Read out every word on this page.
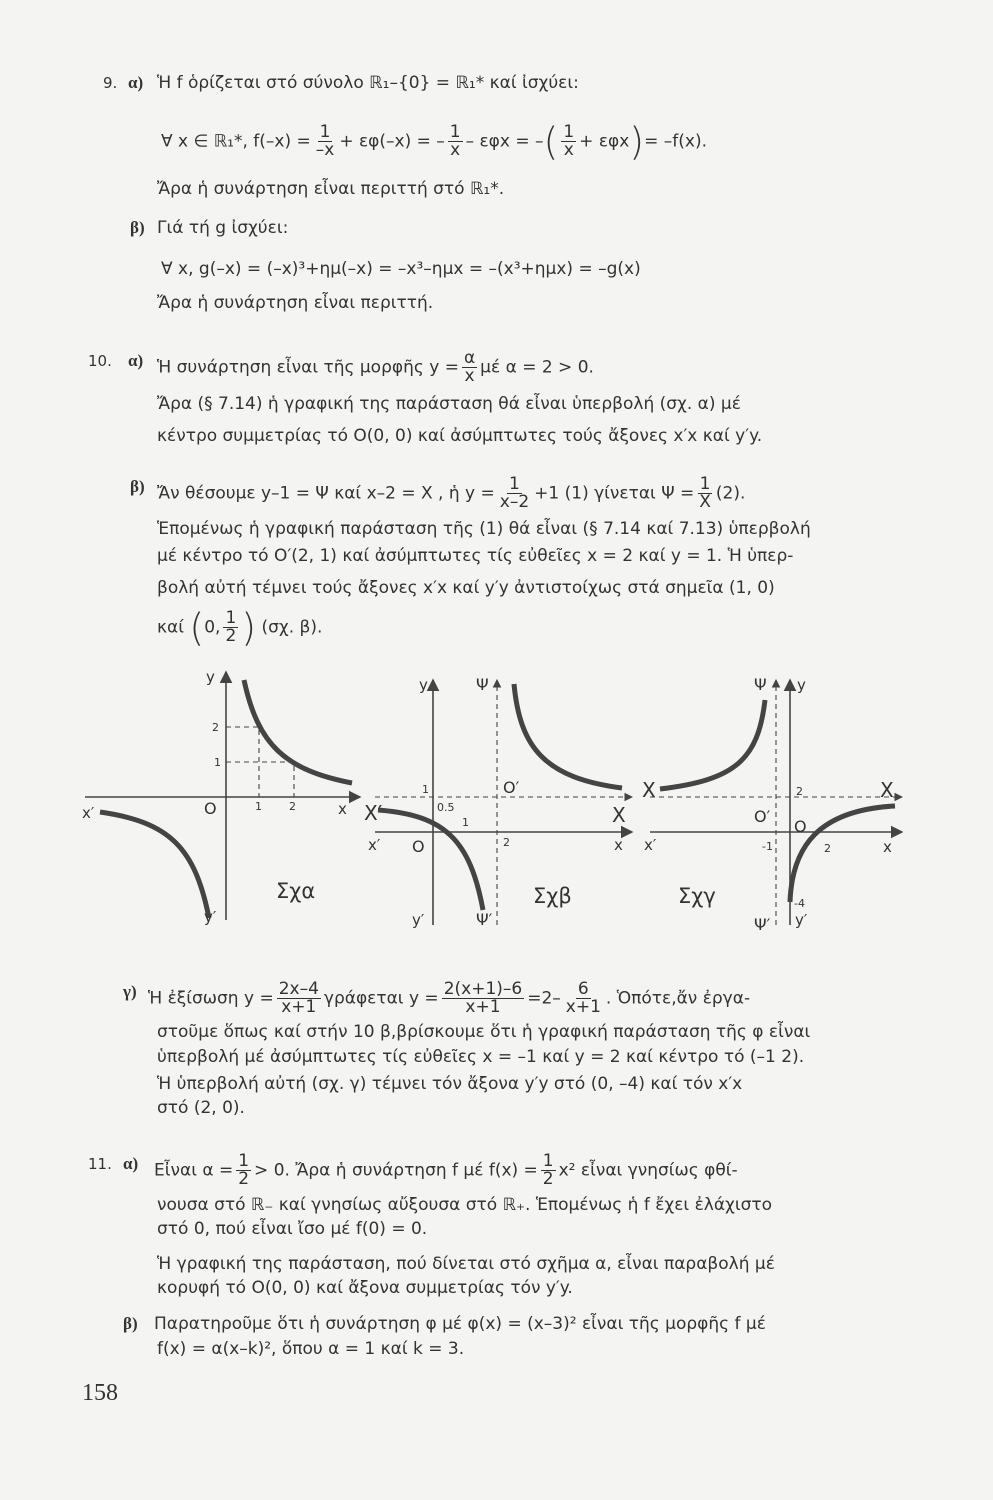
9. α) Ἡ f ὁρίζεται στό σύνολο ℝ₁–{0} = ℝ₁* καί ἰσχύει:
∀ x ∈ ℝ₁*, $f(-x) = \frac{1}{-x} + \varepsilon\varphi(-x)$ = – $\frac{1}{x}$ – εφx = –( $\frac{1}{x} + \varepsilon\varphi x)= -f(x)$.
Ἄρα ἡ συνάρτηση εἶναι περιττή στό ℝ₁*.
β) Γιά τή g ἰσχύει:
∀ x, g(–x) = (–x)³+ημ(–x) = –x³–ημx = –(x³+ημx) = –g(x)
Ἄρα ἡ συνάρτηση εἶναι περιττή.
10. α) Ἡ συνάρτηση εἶναι τῆς μορφῆς $y = \frac{\alpha}{x}$ μέ α = 2 > 0.
Ἄρα (§ 7.14) ἡ γραφική της παράσταση θά εἶναι ὑπερβολή (σχ. α) μέ
κέντρο συμμετρίας τό O(0, 0) καί ἀσύμπτωτες τούς ἄξονες x′x καί y′y.
β) Ἄν θέσουμε y–1 = Ψ καί x–2 = X , ἡ $y = \frac{1}{x-2} +1$ (1) γίνεται $\Psi = \frac{1}{X} (2)$.
Ἑπομένως ἡ γραφική παράσταση τῆς (1) θά εἶναι (§ 7.14 καί 7.13) ὑπερβολή
μέ κέντρο τό O′(2, 1) καί ἀσύμπτωτες τίς εὐθεῖες x = 2 καί y = 1. Ἡ ὑπερ-
βολή αὐτή τέμνει τούς ἄξονες x′x καί y′y ἀντιστοίχως στά σημεῖα (1, 0)
καί (0, $\frac{1}{2}$ ) (σχ. β).
y
y′
x
x′	O	1 2
1
2
Σχα
y	Ψ
y′	Ψ′
X
X′
x
x′ O
O′
1
0.5
1
2
Σχβ
Ψ y
Ψ′ y′
X
X
x
x′
O
O′
2
-1	2
-4
Σχγ
γ) Ἡ ἐξίσωση $y = \frac{2x-4}{x+1}$ γράφεται $y = \frac{2(x+1)-6}{x+1} =2- \frac{6}{x+1}$ . Ὁπότε,ἄν ἐργα-
στοῦμε ὅπως καί στήν 10 β,βρίσκουμε ὅτι ἡ γραφική παράσταση τῆς φ εἶναι
ὑπερβολή μέ ἀσύμπτωτες τίς εὐθεῖες x = –1 καί y = 2 καί κέντρο τό (–1 2).
Ἡ ὑπερβολή αὐτή (σχ. γ) τέμνει τόν ἄξονα y′y στό (0, –4) καί τόν x′x
στό (2, 0).
11. α) Εἶναι $\alpha = \frac{1}{2} > 0$. Ἄρα ἡ συνάρτηση f μέ $f(x) = \frac{1}{2} x^2$ εἶναι γνησίως φθί-
νουσα στό ℝ₋ καί γνησίως αὔξουσα στό ℝ₊. Ἑπομένως ἡ f ἔχει ἐλάχιστο
στό 0, πού εἶναι ἴσο μέ f(0) = 0.
Ἡ γραφική της παράσταση, πού δίνεται στό σχῆμα α, εἶναι παραβολή μέ
κορυφή τό O(0, 0) καί ἄξονα συμμετρίας τόν y′y.
β) Παρατηροῦμε ὅτι ἡ συνάρτηση φ μέ φ(x) = (x–3)² εἶναι τῆς μορφῆς f μέ
f(x) = α(x–k)², ὅπου α = 1 καί k = 3.
158
